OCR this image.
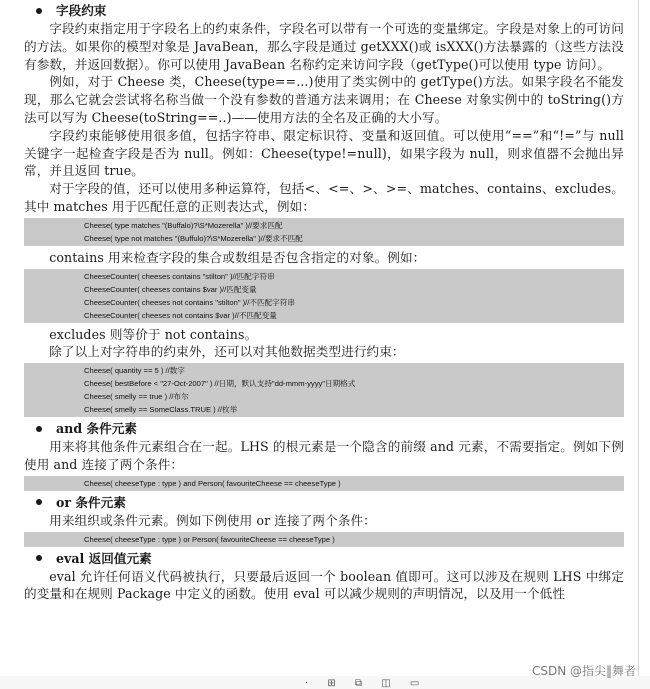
字段约束

字段约束指定用于字段名上的约束条件，字段名可以带有一个可选的变量绑定。字段是对象上的可访问的方法。如果你的模型对象是 JavaBean，那么字段是通过 getXXX()或 isXXX()方法暴露的（这些方法没有参数，并返回数据）。你可以使用 JavaBean 名称约定来访问字段（getType()可以使用 type 访问）。

例如，对于 Cheese 类，Cheese(type==...)使用了类实例中的 getType()方法。如果字段名不能发现，那么它就会尝试将名称当做一个没有参数的普通方法来调用；在 Cheese 对象实例中的 toString()方法可以写为 Cheese(toString==..)——使用方法的全名及正确的大小写。

字段约束能够使用很多值，包括字符串、限定标识符、变量和返回值。可以使用“==”和“!=”与 null 关键字一起检查字段是否为 null。例如：Cheese(type!=null)，如果字段为 null，则求值器不会抛出异常，并且返回 true。

对于字段的值，还可以使用多种运算符，包括<、<=、>、>=、matches、contains、excludes。其中 matches 用于匹配任意的正则表达式，例如：

Cheese( type matches "(Buffalo)?\S*Mozerella" )//要求匹配
Cheese( type not matches "(Buffulo)?\S*Mozerella" )//要求不匹配

contains 用来检查字段的集合或数组是否包含指定的对象。例如：

CheeseCounter( cheeses contains "stilton" )//匹配字符串
CheeseCounter( cheeses contains $var )//匹配变量
CheeseCounter( cheeses not contains "stilton" )//不匹配字符串
CheeseCounter( cheeses not contains $var )//不匹配变量

excludes 则等价于 not contains。

除了以上对字符串的约束外，还可以对其他数据类型进行约束：

Cheese( quantity == 5 ) //数字
Cheese( bestBefore < "27-Oct-2007" ) //日期，默认支持"dd-mmm-yyyy"日期格式
Cheese( smelly == true ) //布尔
Cheese( smelly == SomeClass.TRUE ) //枚举
and 条件元素

用来将其他条件元素组合在一起。LHS 的根元素是一个隐含的前缀 and 元素，不需要指定。例如下例使用 and 连接了两个条件：

Cheese( cheeseType : type ) and Person( favouriteCheese == cheeseType )
or 条件元素

用来组织或条件元素。例如下例使用 or 连接了两个条件：

Cheese( cheeseType : type ) or Person( favouriteCheese == cheeseType )
eval 返回值元素

eval 允许任何语义代码被执行，只要最后返回一个 boolean 值即可。这可以涉及在规则 LHS 中绑定的变量和在规则 Package 中定义的函数。使用 eval 可以减少规则的声明情况，以及用一个低性

· ⊞ ⧉ ◫ ▭
CSDN @指尖‖舞者
